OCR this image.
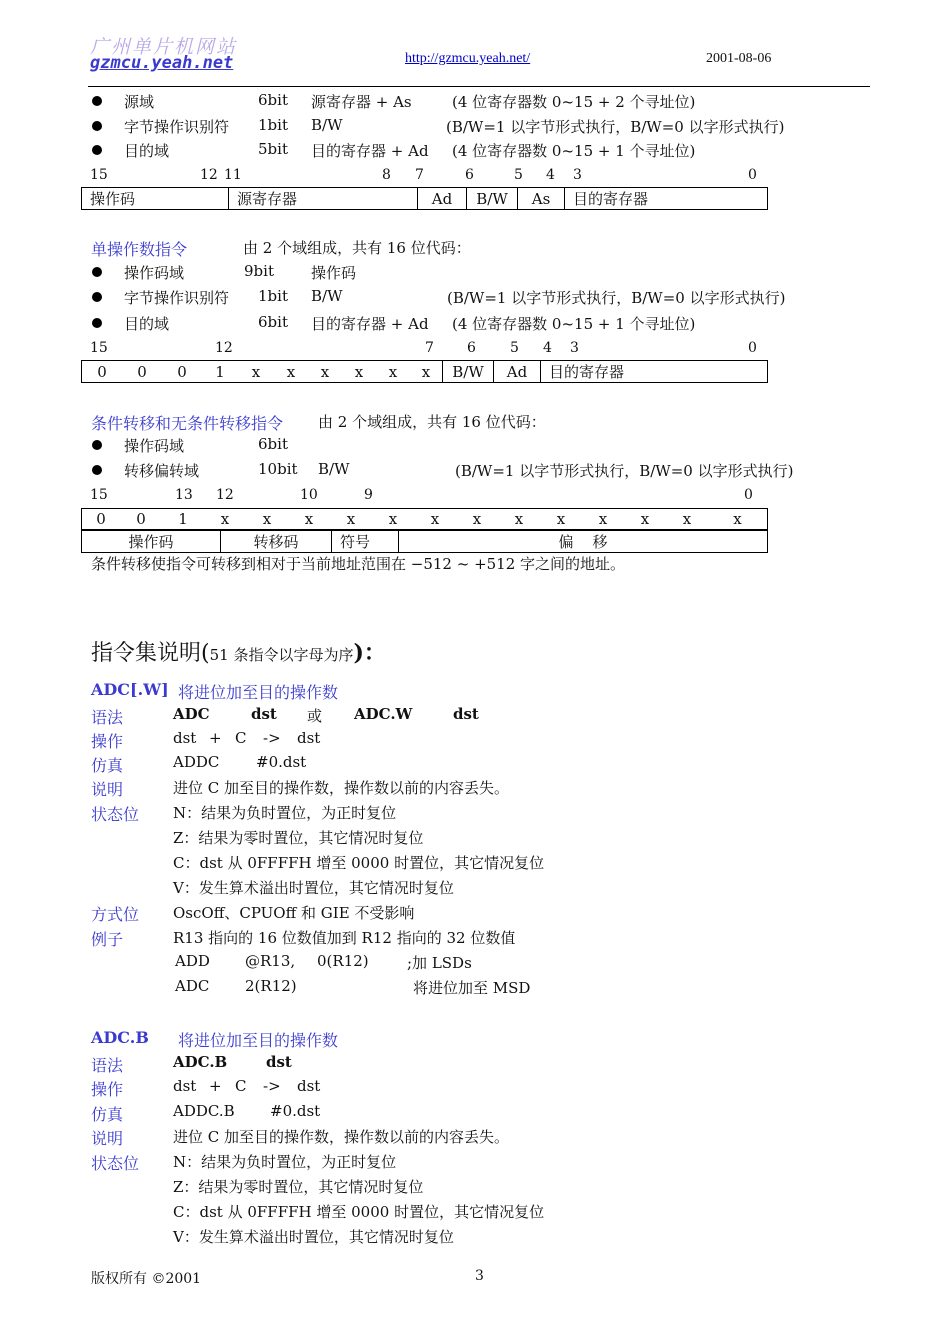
广州单片机网站
gzmcu.yeah.net	http://gzmcu.yeah.net/	2001-08-06
源域	6bit 源寄存器 + As	(4 位寄存器数 0~15 + 2 个寻址位)
字节操作识别符 1bit B/W	(B/W=1 以字节形式执行，B/W=0 以字形式执行)
目的域	5bit 目的寄存器 + Ad (4 位寄存器数 0~15 + 1 个寻址位)
15	12 11	8 7	6	5 4 3	0
操作码	源寄存器	Ad	B/W	As	目的寄存器
单操作数指令	由 2 个域组成，共有 16 位代码：
操作码域	9bit 操作码
字节操作识别符 1bit B/W	(B/W=1 以字节形式执行，B/W=0 以字形式执行)
目的域	6bit 目的寄存器 + Ad (4 位寄存器数 0~15 + 1 个寻址位)
15	12	7 6 5 4 3	0
0	0	0	1	x	x	x	x	x	x	B/W	Ad	目的寄存器
条件转移和无条件转移指令 由 2 个域组成，共有 16 位代码：
操作码域	6bit
转移偏转域	10bit B/W	(B/W=1 以字节形式执行，B/W=0 以字形式执行)
15	13 12	10	9	0
0	0	1	x	x	x	x	x	x	x	x	x	x	x	x	x
操作码	转移码	符号	偏    移
条件转移使指令可转移到相对于当前地址范围在 −512 ~ +512 字之间的地址。
指令集说明(51 条指令以字母为序)：
ADC[.W] 将进位加至目的操作数
语法	ADC	dst 或 ADC.W	dst
操作	dst + C -> dst
仿真	ADDC #0.dst
说明	进位 C 加至目的操作数，操作数以前的内容丢失。
状态位 N：结果为负时置位，为正时复位
Z：结果为零时置位，其它情况时复位
C：dst 从 0FFFFH 增至 0000 时置位，其它情况复位
V：发生算术溢出时置位，其它情况时复位
方式位 OscOff、CPUOff 和 GIE 不受影响
例子	R13 指向的 16 位数值加到 R12 指向的 32 位数值
ADD @R13, 0(R12)	;加 LSDs
ADC 2(R12)	将进位加至 MSD
ADC.B 将进位加至目的操作数
语法	ADC.B	dst
操作	dst + C -> dst
仿真	ADDC.B #0.dst
说明	进位 C 加至目的操作数，操作数以前的内容丢失。
状态位 N：结果为负时置位，为正时复位
Z：结果为零时置位，其它情况时复位
C：dst 从 0FFFFH 增至 0000 时置位，其它情况复位
V：发生算术溢出时置位，其它情况时复位
版权所有 ©2001	3
